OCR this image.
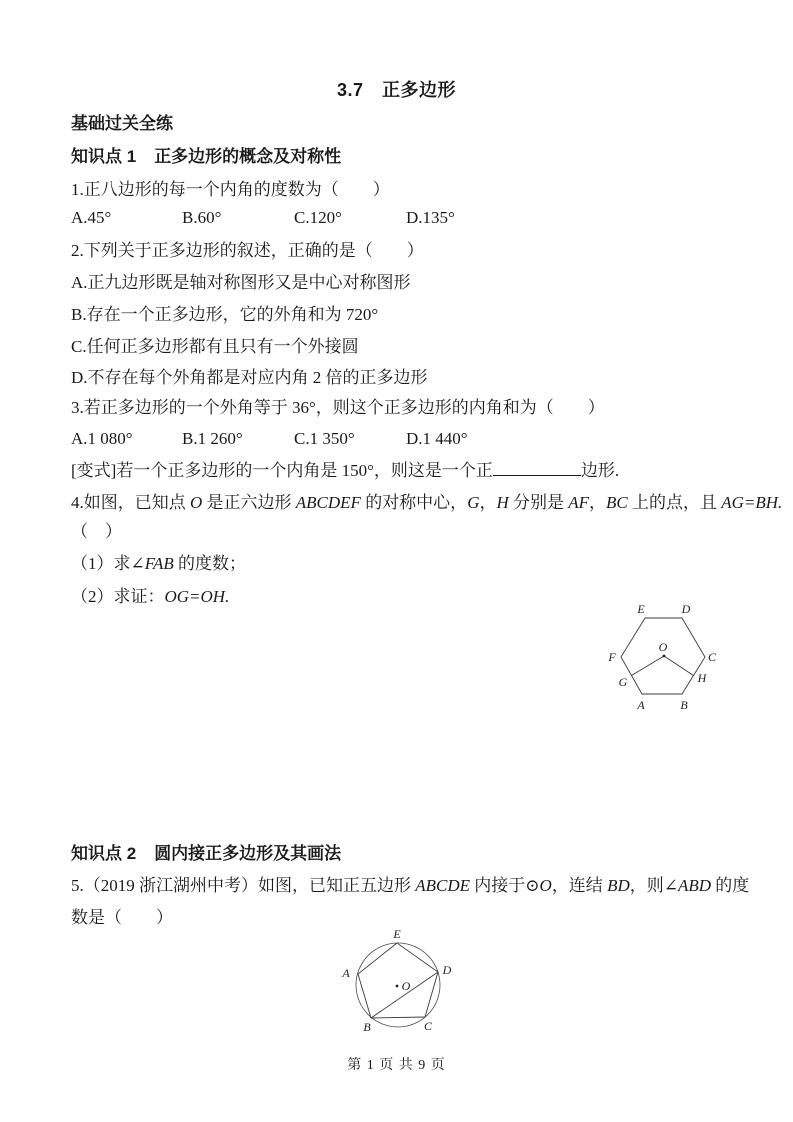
3.7　正多边形
基础过关全练
知识点 1 正多边形的概念及对称性
1.正八边形的每一个内角的度数为（　　）
A.45°	B.60°	C.120°	D.135°
2.下列关于正多边形的叙述，正确的是（　　）
A.正九边形既是轴对称图形又是中心对称图形
B.存在一个正多边形，它的外角和为 720°
C.任何正多边形都有且只有一个外接圆
D.不存在每个外角都是对应内角 2 倍的正多边形
3.若正多边形的一个外角等于 36°，则这个正多边形的内角和为（　　）
A.1 080°	B.1 260°	C.1 350°	D.1 440°
[变式]若一个正多边形的一个内角是 150°，则这是一个正	边形.
4.如图，已知点 O 是正六边形 ABCDEF 的对称中心，G，H 分别是 AF，BC 上的点，且 AG=BH.
（　）
（1）求∠FAB 的度数；
（2）求证：OG=OH.
E	D
F	C
A	B
O
G	H
知识点 2 圆内接正多边形及其画法
5.（2019 浙江湖州中考）如图，已知正五边形 ABCDE 内接于⊙O，连结 BD，则∠ABD 的度
数是（　　）
E
A	D
B	C
O
第 1 页 共 9 页
